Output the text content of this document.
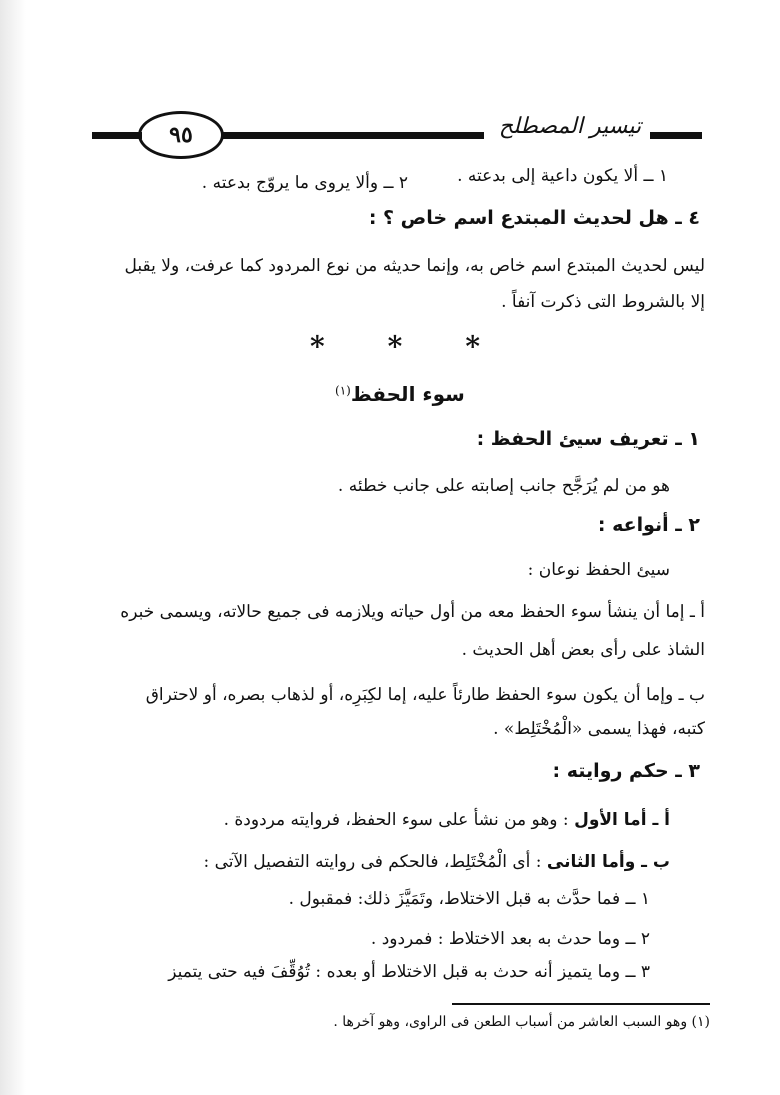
٩٥	تيسير المصطلح
١ ــ ألا يكون داعية إلى بدعته .
٢ ــ وألا يروى ما يروّج بدعته .
٤ ـ هل لحديث المبتدع اسم خاص ؟ :
ليس لحديث المبتدع اسم خاص به، وإنما حديثه من نوع المردود كما عرفت، ولا يقبل
إلا بالشروط التى ذكرت آنفاً .
* * *
سوء الحفظ$^{(١)}$
١ ـ تعريف سيئ الحفظ :
هو من لم يُرَجَّح جانب إصابته على جانب خطئه .
٢ ـ أنواعه :
سيئ الحفظ نوعان :
أ ـ إما أن ينشأ سوء الحفظ معه من أول حياته ويلازمه فى جميع حالاته، ويسمى خبره
الشاذ على رأى بعض أهل الحديث .
ب ـ وإما أن يكون سوء الحفظ طارئاً عليه، إما لكِبَرِه، أو لذهاب بصره، أو لاحتراق
كتبه، فهذا يسمى «الْمُخْتَلِط» .
٣ ـ حكم روايته :
أ ـ أما الأول : وهو من نشأ على سوء الحفظ، فروايته مردودة .
ب ـ وأما الثانى : أى الْمُخْتَلِط، فالحكم فى روايته التفصيل الآتى :
١ ــ فما حدَّث به قبل الاختلاط، وتَمَيَّزَ ذلك: فمقبول .
٢ ــ وما حدث به بعد الاختلاط : فمردود .
٣ ــ وما يتميز أنه حدث به قبل الاختلاط أو بعده : تُوُقِّفَ فيه حتى يتميز
(١) وهو السبب العاشر من أسباب الطعن فى الراوى، وهو آخرها .
